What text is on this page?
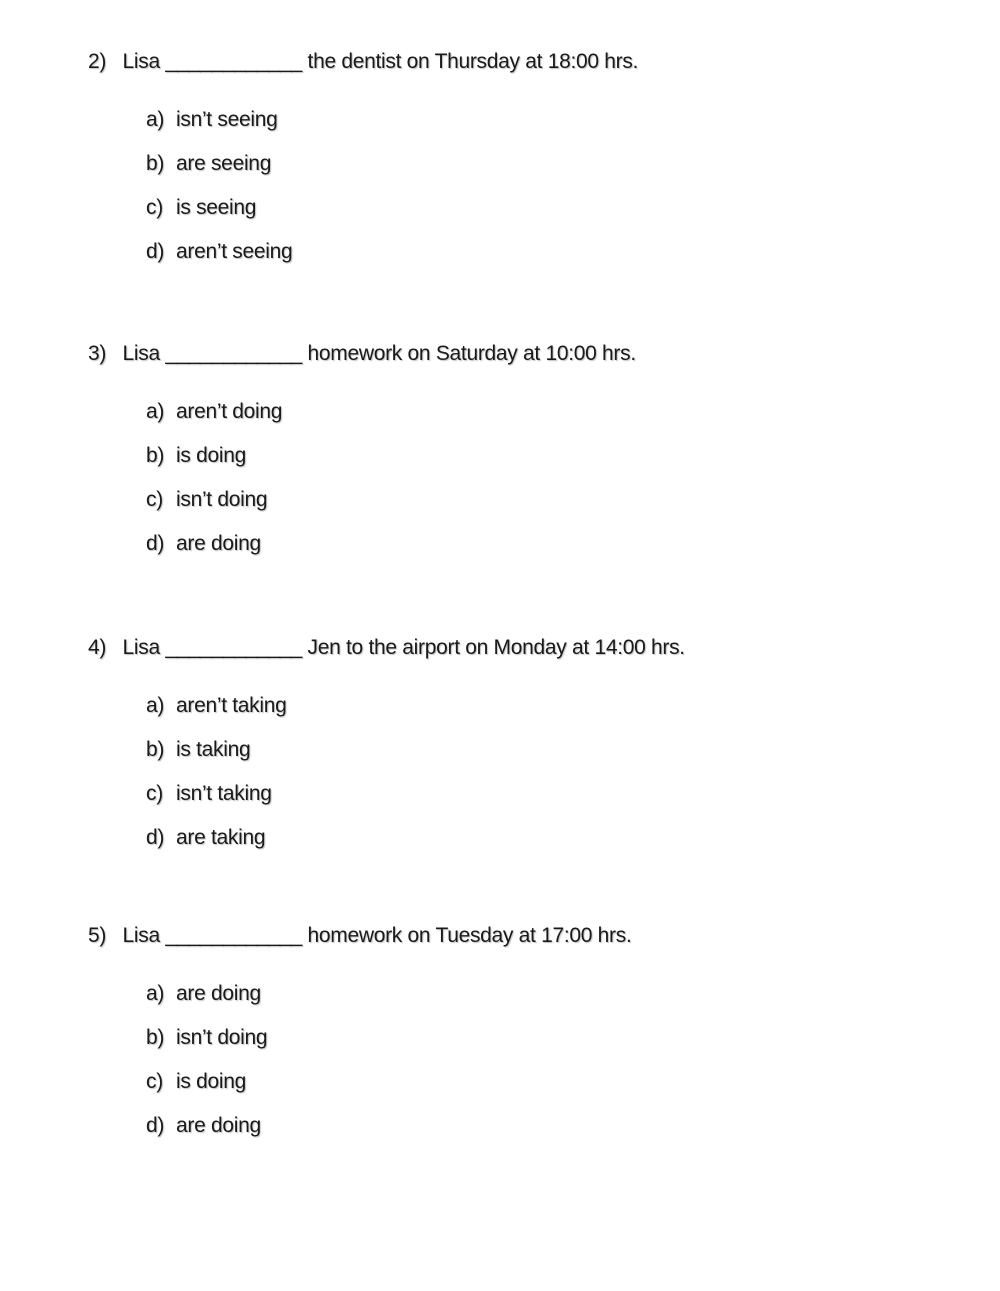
2) Lisa ____________ the dentist on Thursday at 18:00 hrs.
a) isn’t seeing
b) are seeing
c) is seeing
d) aren’t seeing
3) Lisa ____________ homework on Saturday at 10:00 hrs.
a) aren’t doing
b) is doing
c) isn’t doing
d) are doing
4) Lisa ____________ Jen to the airport on Monday at 14:00 hrs.
a) aren’t taking
b) is taking
c) isn’t taking
d) are taking
5) Lisa ____________ homework on Tuesday at 17:00 hrs.
a) are doing
b) isn’t doing
c) is doing
d) are doing
